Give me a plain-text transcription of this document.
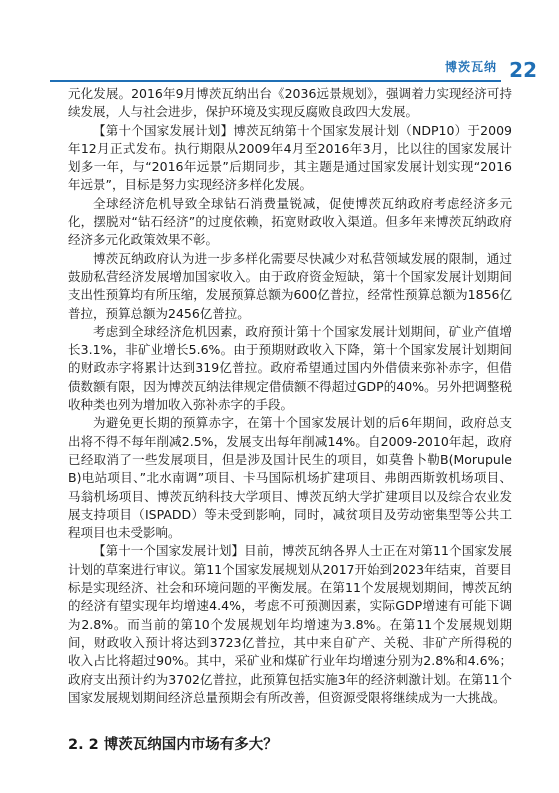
博茨瓦纳 22

元化发展。2016年9月博茨瓦纳出台《2036远景规划》，强调着力实现经济可持续发展，人与社会进步，保护环境及实现反腐败良政四大发展。

【第十个国家发展计划】博茨瓦纳第十个国家发展计划（NDP10）于2009年12月正式发布。执行期限从2009年4月至2016年3月，比以往的国家发展计划多一年，与“2016年远景”后期同步，其主题是通过国家发展计划实现“2016年远景”，目标是努力实现经济多样化发展。

全球经济危机导致全球钻石消费量锐减，促使博茨瓦纳政府考虑经济多元化，摆脱对“钻石经济”的过度依赖，拓宽财政收入渠道。但多年来博茨瓦纳政府经济多元化政策效果不彰。

博茨瓦纳政府认为进一步多样化需要尽快减少对私营领域发展的限制，通过鼓励私营经济发展增加国家收入。由于政府资金短缺，第十个国家发展计划期间支出性预算均有所压缩，发展预算总额为600亿普拉，经常性预算总额为1856亿普拉，预算总额为2456亿普拉。

考虑到全球经济危机因素，政府预计第十个国家发展计划期间，矿业产值增长3.1%，非矿业增长5.6%。由于预期财政收入下降，第十个国家发展计划期间的财政赤字将累计达到319亿普拉。政府希望通过国内外借债来弥补赤字，但借债数额有限，因为博茨瓦纳法律规定借债额不得超过GDP的40%。另外把调整税收种类也列为增加收入弥补赤字的手段。

为避免更长期的预算赤字，在第十个国家发展计划的后6年期间，政府总支出将不得不每年削减2.5%，发展支出每年削减14%。自2009-2010年起，政府已经取消了一些发展项目，但是涉及国计民生的项目，如莫鲁卜勒B(Morupule B)电站项目、”北水南调”项目、卡马国际机场扩建项目、弗朗西斯敦机场项目、马翁机场项目、博茨瓦纳科技大学项目、博茨瓦纳大学扩建项目以及综合农业发展支持项目（ISPADD）等未受到影响，同时，减贫项目及劳动密集型等公共工程项目也未受影响。

【第十一个国家发展计划】目前，博茨瓦纳各界人士正在对第11个国家发展计划的草案进行审议。第11个国家发展规划从2017开始到2023年结束，首要目标是实现经济、社会和环境问题的平衡发展。在第11个发展规划期间，博茨瓦纳的经济有望实现年均增速4.4%，考虑不可预测因素，实际GDP增速有可能下调为2.8%。而当前的第10个发展规划年均增速为3.8%。在第11个发展规划期间，财政收入预计将达到3723亿普拉，其中来自矿产、关税、非矿产所得税的收入占比将超过90%。其中，采矿业和煤矿行业年均增速分别为2.8%和4.6%；政府支出预计约为3702亿普拉，此预算包括实施3年的经济刺激计划。在第11个国家发展规划期间经济总量预期会有所改善，但资源受限将继续成为一大挑战。

2. 2 博茨瓦纳国内市场有多大？
